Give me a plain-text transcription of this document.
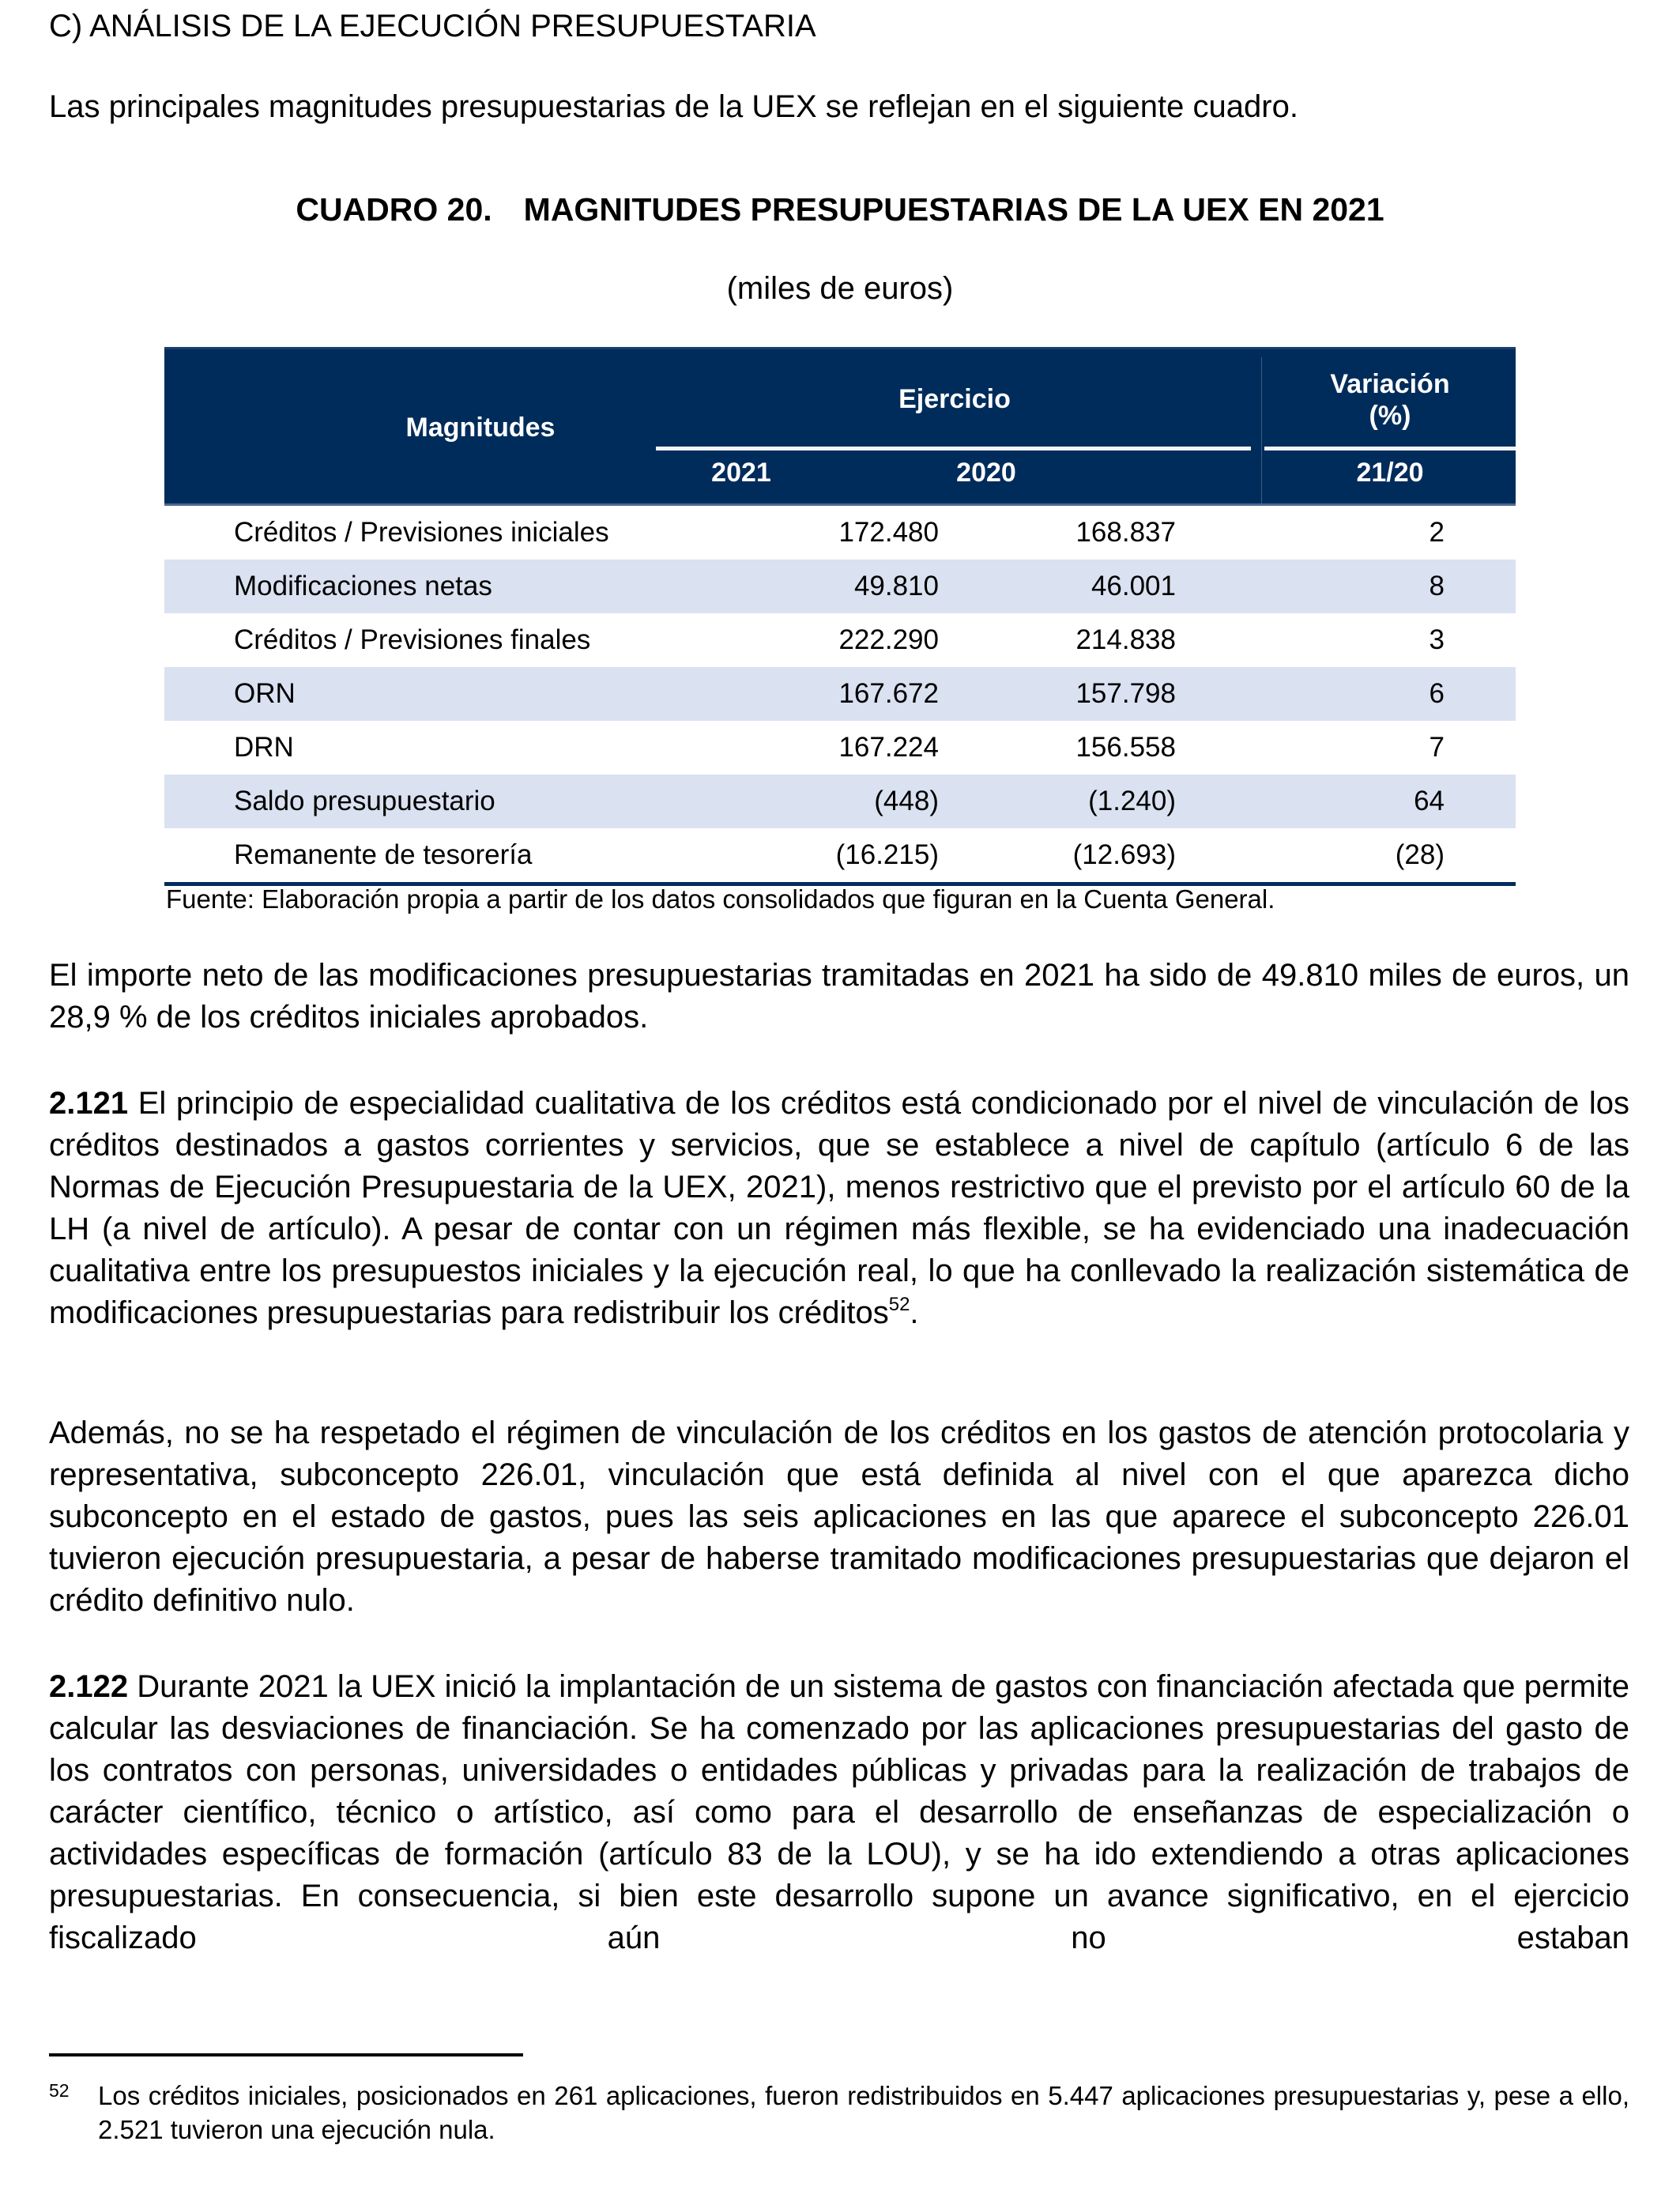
C) ANÁLISIS DE LA EJECUCIÓN PRESUPUESTARIA
Las principales magnitudes presupuestarias de la UEX se reflejan en el siguiente cuadro.
CUADRO 20. MAGNITUDES PRESUPUESTARIAS DE LA UEX EN 2021
(miles de euros)
Magnitudes
Ejercicio	Variación
(%)
2021	2020	21/20
Créditos / Previsiones iniciales	172.480	168.837	2
Modificaciones netas	49.810	46.001	8
Créditos / Previsiones finales	222.290	214.838	3
ORN	167.672	157.798	6
DRN	167.224	156.558	7
Saldo presupuestario	(448)	(1.240)	64
Remanente de tesorería	(16.215)	(12.693)	(28)
Fuente: Elaboración propia a partir de los datos consolidados que figuran en la Cuenta General.
El importe neto de las modificaciones presupuestarias tramitadas en 2021 ha sido de 49.810 miles de euros, un 28,9 % de los créditos iniciales aprobados.
2.121 El principio de especialidad cualitativa de los créditos está condicionado por el nivel de vinculación de los créditos destinados a gastos corrientes y servicios, que se establece a nivel de capítulo (artículo 6 de las Normas de Ejecución Presupuestaria de la UEX, 2021), menos restrictivo que el previsto por el artículo 60 de la LH (a nivel de artículo). A pesar de contar con un régimen más flexible, se ha evidenciado una inadecuación cualitativa entre los presupuestos iniciales y la ejecución real, lo que ha conllevado la realización sistemática de modificaciones presupuestarias para redistribuir los créditos$^{52}$.
Además, no se ha respetado el régimen de vinculación de los créditos en los gastos de atención protocolaria y representativa, subconcepto 226.01, vinculación que está definida al nivel con el que aparezca dicho subconcepto en el estado de gastos, pues las seis aplicaciones en las que aparece el subconcepto 226.01 tuvieron ejecución presupuestaria, a pesar de haberse tramitado modificaciones presupuestarias que dejaron el crédito definitivo nulo.
2.122 Durante 2021 la UEX inició la implantación de un sistema de gastos con financiación afectada que permite calcular las desviaciones de financiación. Se ha comenzado por las aplicaciones presupuestarias del gasto de los contratos con personas, universidades o entidades públicas y privadas para la realización de trabajos de carácter científico, técnico o artístico, así como para el desarrollo de enseñanzas de especialización o actividades específicas de formación (artículo 83 de la LOU), y se ha ido extendiendo a otras aplicaciones presupuestarias. En consecuencia, si bien este desarrollo supone un avance significativo, en el ejercicio fiscalizado aún no estaban
52 Los créditos iniciales, posicionados en 261 aplicaciones, fueron redistribuidos en 5.447 aplicaciones presupuestarias y, pese a ello, 2.521 tuvieron una ejecución nula.
